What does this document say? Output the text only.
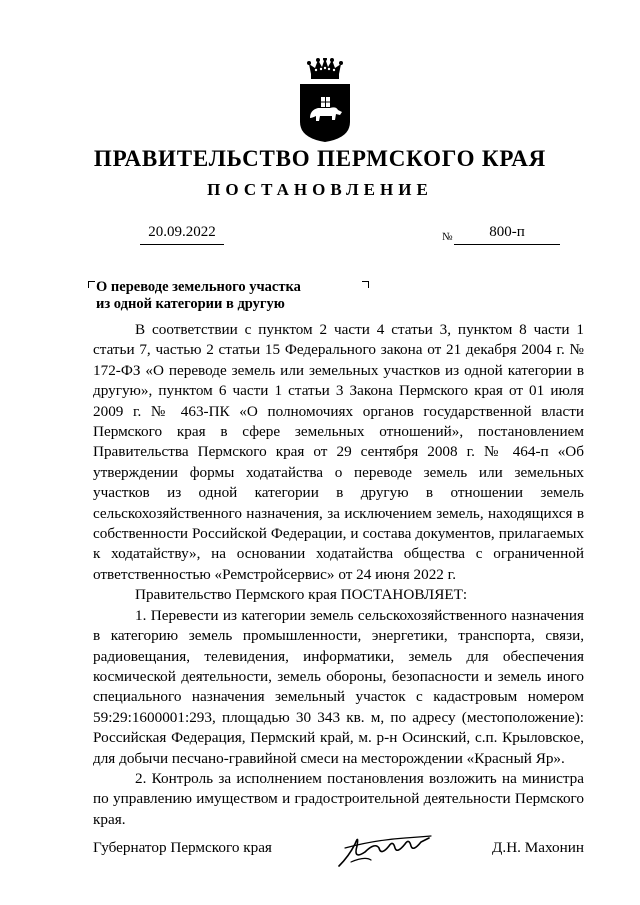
ПРАВИТЕЛЬСТВО ПЕРМСКОГО КРАЯ
ПОСТАНОВЛЕНИЕ
20.09.2022	№	800-п
О переводе земельного участка
из одной категории в другую

В соответствии с пунктом 2 части 4 статьи 3, пунктом 8 части 1 статьи 7, частью 2 статьи 15 Федерального закона от 21 декабря 2004 г. № 172-ФЗ «О переводе земель или земельных участков из одной категории в другую», пунктом 6 части 1 статьи 3 Закона Пермского края от 01 июля 2009 г. № 463-ПК «О полномочиях органов государственной власти Пермского края в сфере земельных отношений», постановлением Правительства Пермского края от 29 сентября 2008 г. № 464-п «Об утверждении формы ходатайства о переводе земель или земельных участков из одной категории в другую в отношении земель сельскохозяйственного назначения, за исключением земель, находящихся в собственности Российской Федерации, и состава документов, прилагаемых к ходатайству», на основании ходатайства общества с ограниченной ответственностью «Ремстройсервис» от 24 июня 2022 г.

Правительство Пермского края ПОСТАНОВЛЯЕТ:

1. Перевести из категории земель сельскохозяйственного назначения в категорию земель промышленности, энергетики, транспорта, связи, радиовещания, телевидения, информатики, земель для обеспечения космической деятельности, земель обороны, безопасности и земель иного специального назначения земельный участок с кадастровым номером 59:29:1600001:293, площадью 30 343 кв. м, по адресу (местоположение): Российская Федерация, Пермский край, м. р-н Осинский, с.п. Крыловское, для добычи песчано-гравийной смеси на месторождении «Красный Яр».

2. Контроль за исполнением постановления возложить на министра по управлению имуществом и градостроительной деятельности Пермского края.

Губернатор Пермского края	Д.Н. Махонин
